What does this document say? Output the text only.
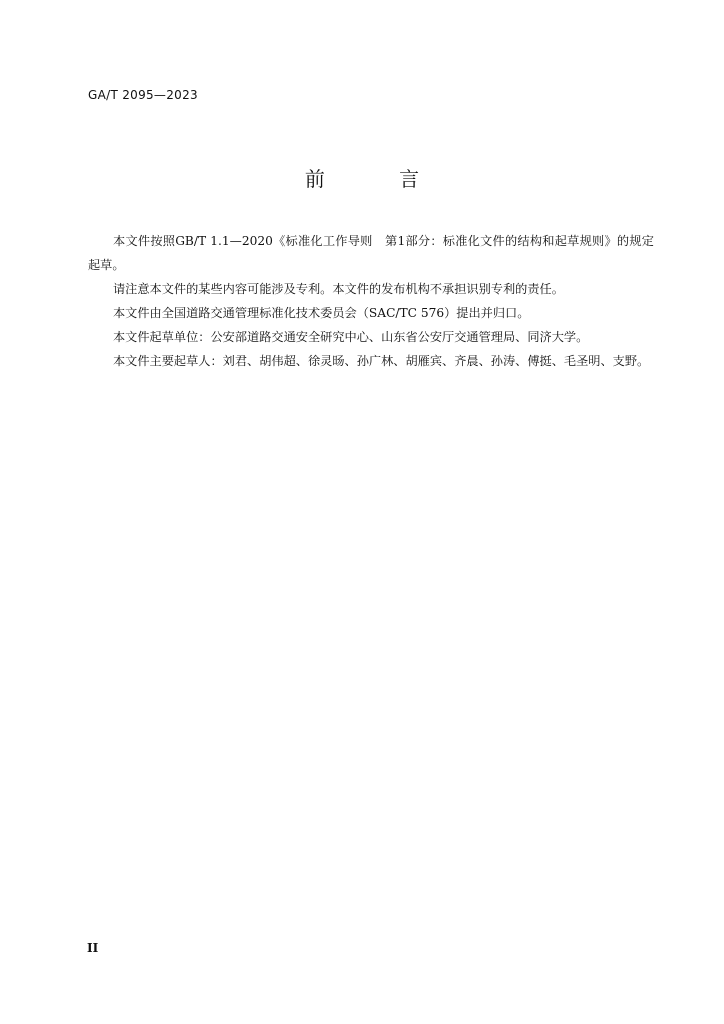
GA/T 2095—2023
前 言

本文件按照GB/T 1.1—2020《标准化工作导则　第1部分：标准化文件的结构和起草规则》的规定起草。

请注意本文件的某些内容可能涉及专利。本文件的发布机构不承担识别专利的责任。

本文件由全国道路交通管理标准化技术委员会（SAC/TC 576）提出并归口。

本文件起草单位：公安部道路交通安全研究中心、山东省公安厅交通管理局、同济大学。

本文件主要起草人：刘君、胡伟超、徐灵旸、孙广林、胡雁宾、齐晨、孙涛、傅挺、毛圣明、支野。

II
